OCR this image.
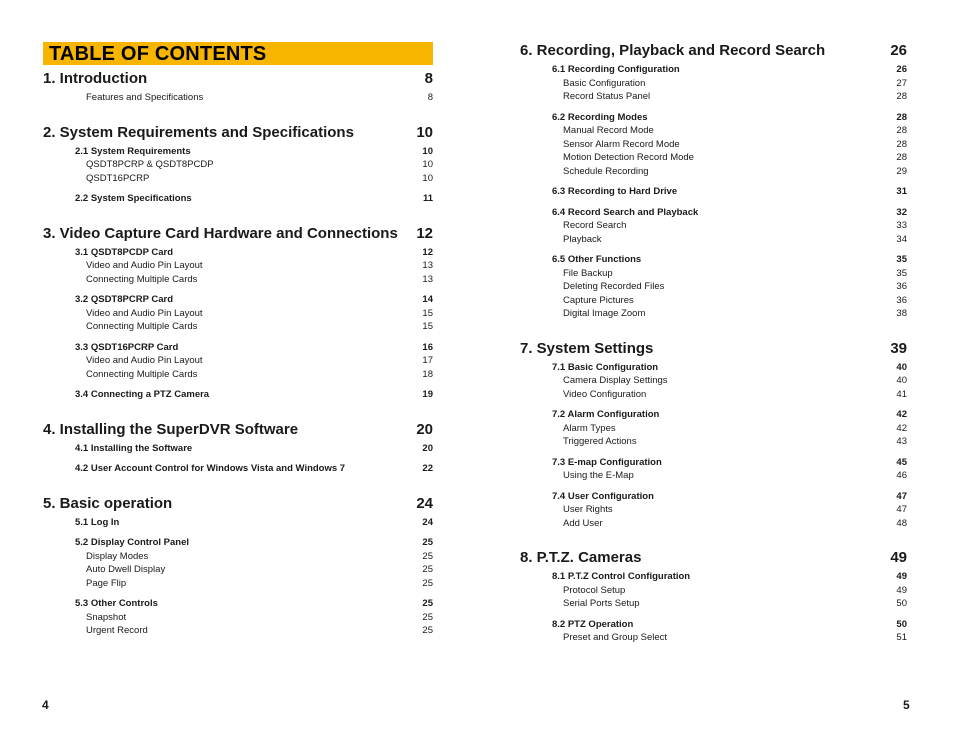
TABLE OF CONTENTS
1. Introduction	8
Features and Specifications	8
2. System Requirements and Specifications	10
2.1 System Requirements	10
QSDT8PCRP & QSDT8PCDP	10
QSDT16PCRP	10
2.2 System Specifications	11
3. Video Capture Card Hardware and Connections 12
3.1 QSDT8PCDP Card	12
Video and Audio Pin Layout	13
Connecting Multiple Cards	13
3.2 QSDT8PCRP Card	14
Video and Audio Pin Layout	15
Connecting Multiple Cards	15
3.3 QSDT16PCRP Card	16
Video and Audio Pin Layout	17
Connecting Multiple Cards	18
3.4 Connecting a PTZ Camera	19
4. Installing the SuperDVR Software	20
4.1 Installing the Software	20
4.2 User Account Control for Windows Vista and Windows 7	22
5. Basic operation	24
5.1 Log In	24
5.2 Display Control Panel	25
Display Modes	25
Auto Dwell Display	25
Page Flip	25
5.3 Other Controls	25
Snapshot	25
Urgent Record	25
6. Recording, Playback and Record Search	26
6.1 Recording Configuration	26
Basic Configuration	27
Record Status Panel	28
6.2 Recording Modes	28
Manual Record Mode	28
Sensor Alarm Record Mode	28
Motion Detection Record Mode	28
Schedule Recording	29
6.3 Recording to Hard Drive	31
6.4 Record Search and Playback	32
Record Search	33
Playback	34
6.5 Other Functions	35
File Backup	35
Deleting Recorded Files	36
Capture Pictures	36
Digital Image Zoom	38
7. System Settings	39
7.1 Basic Configuration	40
Camera Display Settings	40
Video Configuration	41
7.2 Alarm Configuration	42
Alarm Types	42
Triggered Actions	43
7.3 E-map Configuration	45
Using the E-Map	46
7.4 User Configuration	47
User Rights	47
Add User	48
8. P.T.Z. Cameras	49
8.1 P.T.Z Control Configuration	49
Protocol Setup	49
Serial Ports Setup	50
8.2 PTZ Operation	50
Preset and Group Select	51
4	5
